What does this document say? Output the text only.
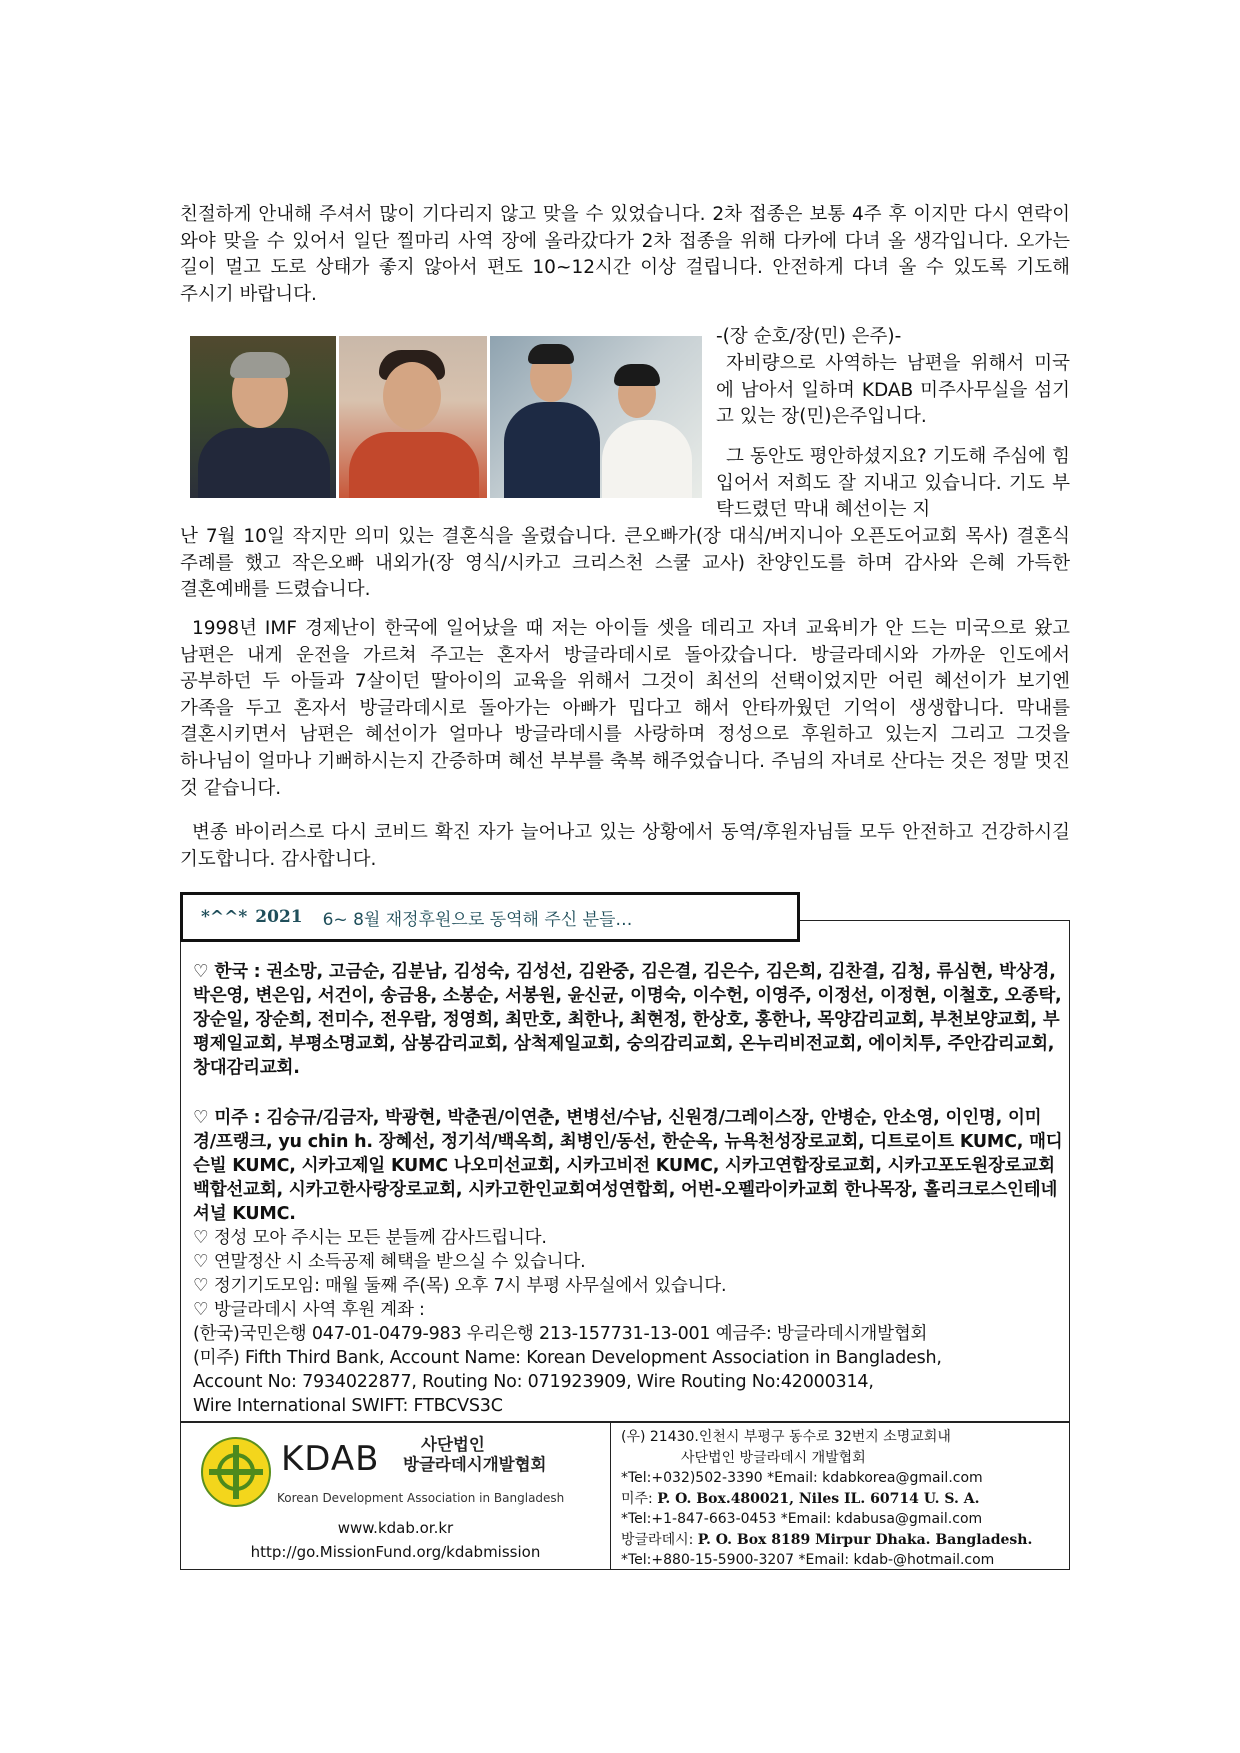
친절하게 안내해 주셔서 많이 기다리지 않고 맞을 수 있었습니다. 2차 접종은 보통 4주 후 이지만 다시 연락이 와야 맞을 수 있어서 일단 찔마리 사역 장에 올라갔다가 2차 접종을 위해 다카에 다녀 올 생각입니다. 오가는 길이 멀고 도로 상태가 좋지 않아서 편도 10~12시간 이상 걸립니다. 안전하게 다녀 올 수 있도록 기도해 주시기 바랍니다.
-(장 순호/장(민) 은주)-
자비량으로 사역하는 남편을 위해서 미국에 남아서 일하며 KDAB 미주사무실을 섬기고 있는 장(민)은주입니다.
그 동안도 평안하셨지요? 기도해 주심에 힘입어서 저희도 잘 지내고 있습니다. 기도 부탁드렸던 막내 혜선이는 지
난 7월 10일 작지만 의미 있는 결혼식을 올렸습니다. 큰오빠가(장 대식/버지니아 오픈도어교회 목사) 결혼식 주례를 했고 작은오빠 내외가(장 영식/시카고 크리스천 스쿨 교사) 찬양인도를 하며 감사와 은혜 가득한 결혼예배를 드렸습니다.
1998년 IMF 경제난이 한국에 일어났을 때 저는 아이들 셋을 데리고 자녀 교육비가 안 드는 미국으로 왔고 남편은 내게 운전을 가르쳐 주고는 혼자서 방글라데시로 돌아갔습니다. 방글라데시와 가까운 인도에서 공부하던 두 아들과 7살이던 딸아이의 교육을 위해서 그것이 최선의 선택이었지만 어린 혜선이가 보기엔 가족을 두고 혼자서 방글라데시로 돌아가는 아빠가 밉다고 해서 안타까웠던 기억이 생생합니다. 막내를 결혼시키면서 남편은 혜선이가 얼마나 방글라데시를 사랑하며 정성으로 후원하고 있는지 그리고 그것을 하나님이 얼마나 기뻐하시는지 간증하며 혜선 부부를 축복 해주었습니다. 주님의 자녀로 산다는 것은 정말 멋진 것 같습니다.
변종 바이러스로 다시 코비드 확진 자가 늘어나고 있는 상황에서 동역/후원자님들 모두 안전하고 건강하시길 기도합니다. 감사합니다.
*^^* 2021 6~ 8월 재정후원으로 동역해 주신 분들…
♡ 한국 : 권소망, 고금순, 김분남, 김성숙, 김성선, 김완중, 김은결, 김은수, 김은희, 김찬결, 김청, 류심현, 박상경, 박은영, 변은임, 서건이, 송금용, 소봉순, 서봉원, 윤신균, 이명숙, 이수헌, 이영주, 이정선, 이정현, 이철호, 오종탁, 장순일, 장순희, 전미수, 전우람, 정영희, 최만호, 최한나, 최현정, 한상호, 홍한나, 목양감리교회, 부천보양교회, 부평제일교회, 부평소명교회, 삼봉감리교회, 삼척제일교회, 숭의감리교회, 온누리비전교회, 에이치투, 주안감리교회, 창대감리교회.
♡ 미주 : 김승규/김금자, 박광현, 박춘권/이연춘, 변병선/수남, 신원경/그레이스장, 안병순, 안소영, 이인명, 이미경/프랭크, yu chin h. 장혜선, 정기석/백옥희, 최병인/동선, 한순옥, 뉴욕천성장로교회, 디트로이트 KUMC, 매디슨빌 KUMC, 시카고제일 KUMC 나오미선교회, 시카고비전 KUMC, 시카고연합장로교회, 시카고포도원장로교회 백합선교회, 시카고한사랑장로교회, 시카고한인교회여성연합회, 어번-오펠라이카교회 한나목장, 홀리크로스인테네셔널 KUMC.
♡ 정성 모아 주시는 모든 분들께 감사드립니다.
♡ 연말정산 시 소득공제 혜택을 받으실 수 있습니다.
♡ 정기기도모임: 매월 둘째 주(목) 오후 7시 부평 사무실에서 있습니다.
♡ 방글라데시 사역 후원 계좌 :
(한국)국민은행 047-01-0479-983 우리은행 213-157731-13-001 예금주: 방글라데시개발협회
(미주) Fifth Third Bank, Account Name: Korean Development Association in Bangladesh,
Account No: 7934022877, Routing No: 071923909, Wire Routing No:42000314,
Wire International SWIFT: FTBCVS3C
KDAB	사단법인
방글라데시개발협회
Korean Development Association in Bangladesh
www.kdab.or.kr
http://go.MissionFund.org/kdabmission
(우) 21430.인천시 부평구 동수로 32번지 소명교회내
사단법인 방글라데시 개발협회
*Tel:+032)502-3390 *Email: kdabkorea@gmail.com
미주: P. O. Box.480021, Niles IL. 60714 U. S. A.
*Tel:+1-847-663-0453 *Email: kdabusa@gmail.com
방글라데시: P. O. Box 8189 Mirpur Dhaka. Bangladesh.
*Tel:+880-15-5900-3207 *Email: kdab-@hotmail.com
